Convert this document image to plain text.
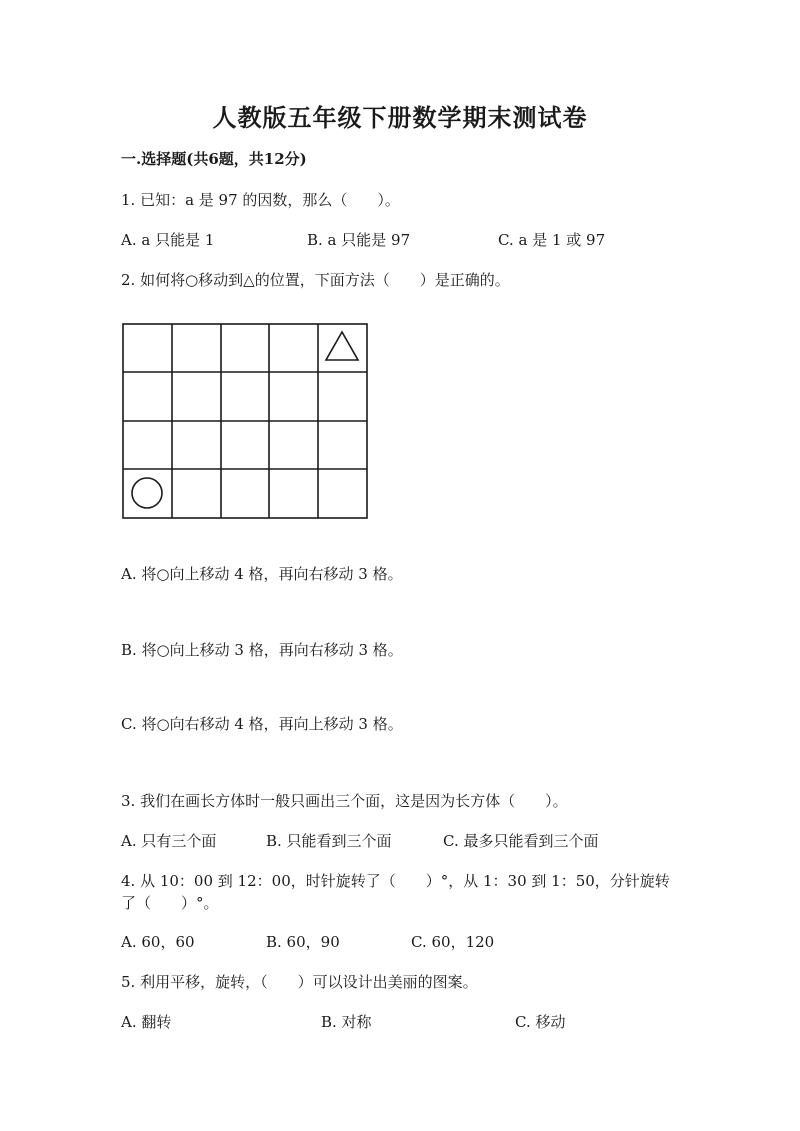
人教版五年级下册数学期末测试卷
一.选择题(共6题，共12分)
1. 已知：a 是 97 的因数，那么（　　）。
A. a 只能是 1	B. a 只能是 97	C. a 是 1 或 97
2. 如何将○移动到△的位置，下面方法（　　）是正确的。
A. 将○向上移动 4 格，再向右移动 3 格。
B. 将○向上移动 3 格，再向右移动 3 格。
C. 将○向右移动 4 格，再向上移动 3 格。
3. 我们在画长方体时一般只画出三个面，这是因为长方体（　　）。
A. 只有三个面	B. 只能看到三个面	C. 最多只能看到三个面
4. 从 10：00 到 12：00，时针旋转了（　　）°，从 1：30 到 1：50，分针旋转
了（　　）°。
A. 60，60	B. 60，90	C. 60，120
5. 利用平移，旋转，（　　）可以设计出美丽的图案。
A. 翻转	B. 对称	C. 移动
